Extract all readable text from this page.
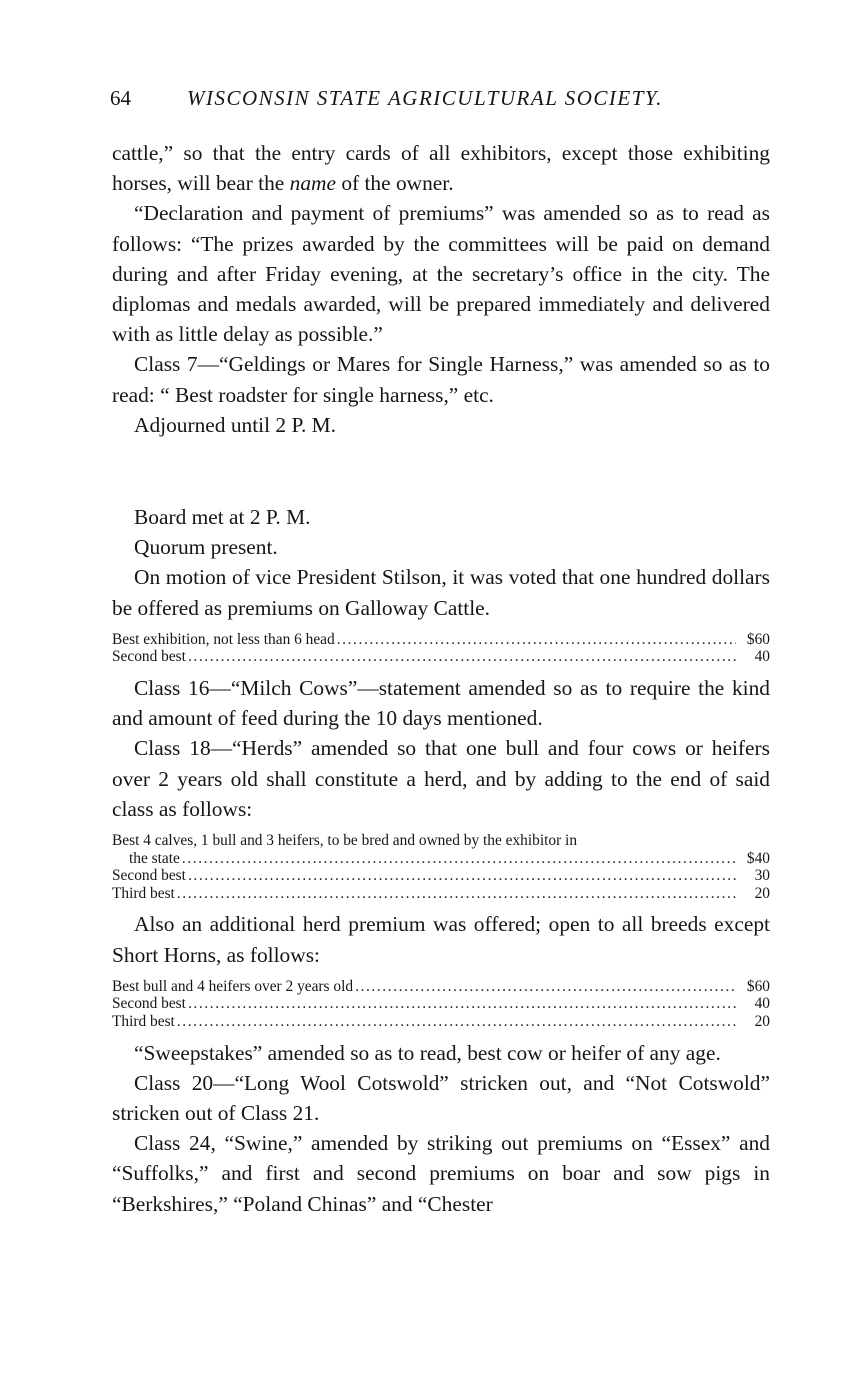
64	WISCONSIN STATE AGRICULTURAL SOCIETY.

cattle,” so that the entry cards of all exhibitors, except those exhibiting horses, will bear the name of the owner.

“Declaration and payment of premiums” was amended so as to read as follows: “The prizes awarded by the committees will be paid on demand during and after Friday evening, at the secretary’s office in the city. The diplomas and medals awarded, will be prepared immediately and delivered with as little delay as possible.”

Class 7—“Geldings or Mares for Single Harness,” was amended so as to read: “ Best roadster for single harness,” etc.

Adjourned until 2 P. M.

Board met at 2 P. M.

Quorum present.

On motion of vice President Stilson, it was voted that one hundred dollars be offered as premiums on Galloway Cattle.

Best exhibition, not less than 6 head .....	$60
Second best .....	40

Class 16—“Milch Cows”—statement amended so as to require the kind and amount of feed during the 10 days mentioned.

Class 18—“Herds” amended so that one bull and four cows or heifers over 2 years old shall constitute a herd, and by adding to the end of said class as follows:

Best 4 calves, 1 bull and 3 heifers, to be bred and owned by the exhibitor in
the state .....	$40
Second best .....	30
Third best .....	20

Also an additional herd premium was offered; open to all breeds except Short Horns, as follows:

Best bull and 4 heifers over 2 years old .....	$60
Second best .....	40
Third best .....	20

“Sweepstakes” amended so as to read, best cow or heifer of any age.

Class 20—“Long Wool Cotswold” stricken out, and “Not Cotswold” stricken out of Class 21.

Class 24, “Swine,” amended by striking out premiums on “Essex” and “Suffolks,” and first and second premiums on boar and sow pigs in “Berkshires,” “Poland Chinas” and “Chester
